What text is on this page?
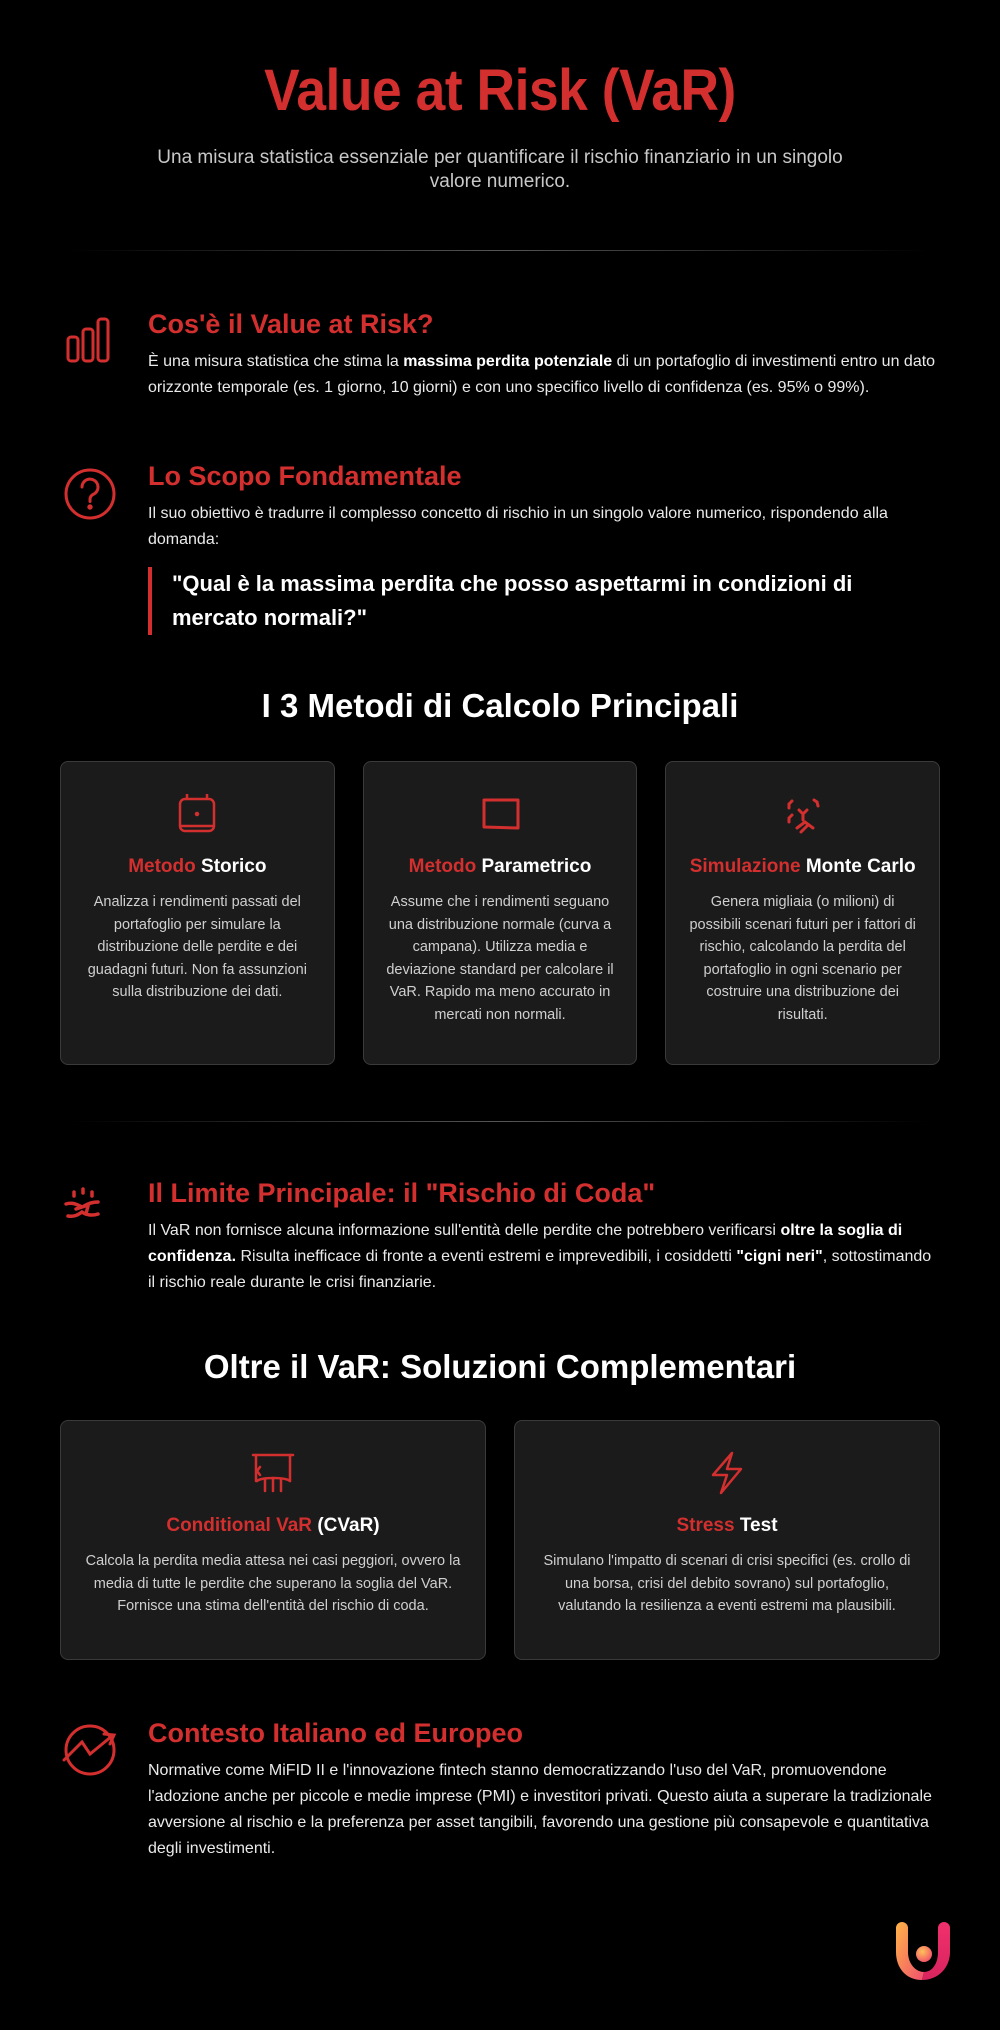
Value at Risk (VaR)

Una misura statistica essenziale per quantificare il rischio finanziario in un singolo valore numerico.

Cos'è il Value at Risk?

È una misura statistica che stima la massima perdita potenziale di un portafoglio di investimenti entro un dato orizzonte temporale (es. 1 giorno, 10 giorni) e con uno specifico livello di confidenza (es. 95% o 99%).

Lo Scopo Fondamentale

Il suo obiettivo è tradurre il complesso concetto di rischio in un singolo valore numerico, rispondendo alla domanda:

"Qual è la massima perdita che posso aspettarmi in condizioni di mercato normali?"
I 3 Metodi di Calcolo Principali
Metodo Storico

Analizza i rendimenti passati del portafoglio per simulare la distribuzione delle perdite e dei guadagni futuri. Non fa assunzioni sulla distribuzione dei dati.

Metodo Parametrico

Assume che i rendimenti seguano una distribuzione normale (curva a campana). Utilizza media e deviazione standard per calcolare il VaR. Rapido ma meno accurato in mercati non normali.

Simulazione Monte Carlo

Genera migliaia (o milioni) di possibili scenari futuri per i fattori di rischio, calcolando la perdita del portafoglio in ogni scenario per costruire una distribuzione dei risultati.

Il Limite Principale: il "Rischio di Coda"

Il VaR non fornisce alcuna informazione sull'entità delle perdite che potrebbero verificarsi oltre la soglia di confidenza. Risulta inefficace di fronte a eventi estremi e imprevedibili, i cosiddetti "cigni neri", sottostimando il rischio reale durante le crisi finanziarie.

Oltre il VaR: Soluzioni Complementari
Conditional VaR (CVaR)

Calcola la perdita media attesa nei casi peggiori, ovvero la media di tutte le perdite che superano la soglia del VaR. Fornisce una stima dell'entità del rischio di coda.

Stress Test

Simulano l'impatto di scenari di crisi specifici (es. crollo di una borsa, crisi del debito sovrano) sul portafoglio, valutando la resilienza a eventi estremi ma plausibili.

Contesto Italiano ed Europeo

Normative come MiFID II e l'innovazione fintech stanno democratizzando l'uso del VaR, promuovendone l'adozione anche per piccole e medie imprese (PMI) e investitori privati. Questo aiuta a superare la tradizionale avversione al rischio e la preferenza per asset tangibili, favorendo una gestione più consapevole e quantitativa degli investimenti.
